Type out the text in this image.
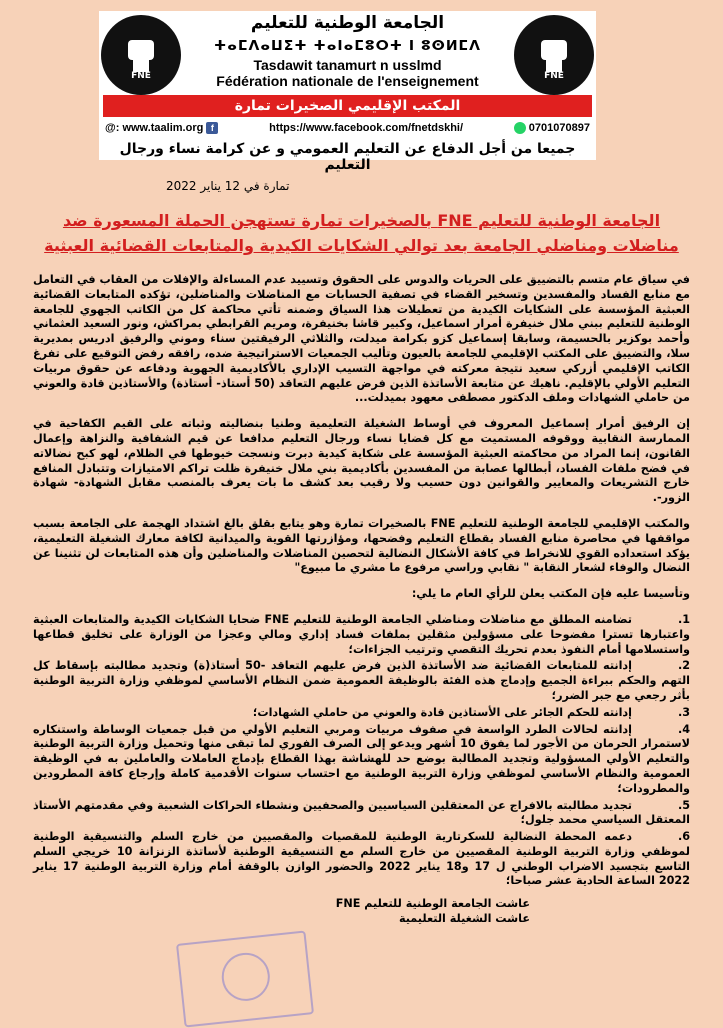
FNE	FNE
الجامعة الوطنية للتعليم
ⵜⴰⵎⴷⴰⵡⵉⵜ ⵜⴰⵏⴰⵎⵓⵔⵜ ⵏ ⵓⵙⵍⵎⴷ
Tasdawit tanamurt n usslmd
Fédération nationale de l'enseignement
المكتب الإقليمي الصخيرات تمارة
@: www.taalim.org f	https://www.facebook.com/fnetdskhi/	0701070897
جميعا من أجل الدفاع عن التعليم العمومي و عن كرامة نساء ورجال التعليم
تمارة في 12 يناير 2022
الجامعة الوطنية للتعليم FNE بالصخيرات تمارة تستهجن الحملة المسعورة ضد مناضلات ومناضلي الجامعة بعد توالي الشكايات الكيدية والمتابعات القضائية العبثية

في سياق عام متسم بالتضييق على الحريات والدوس على الحقوق وتسييد عدم المساءلة والإفلات من العقاب في التعامل مع منابع الفساد والمفسدين وتسخير القضاء في تصفية الحسابات مع المناضلات والمناضلين، تؤكده المتابعات القضائية العبثية المؤسسة على الشكايات الكيدية من تعطيلات هذا السياق وضمنه تأتي محاكمة كل من الكاتب الجهوي للجامعة الوطنية للتعليم ببني ملال خنيفرة أمرار اسماعيل، وكبير قاشا بخنيفرة، ومريم القرابطي بمراكش، ونور السعيد العثماني وأحمد بوكزير بالحسيمة، وسابقا إسماعيل كزو بكرامة ميدلت، والثلاثي الرفيقتين سناء وموني والرفيق ادريس بمديرية سلا، والتضييق على المكتب الإقليمي للجامعة بالعيون وتأليب الجمعيات الاستراتيجية ضده، رافقه رفض التوقيع على تفرغ الكاتب الإقليمي أزركي سعيد نتيجة معركته في مواجهة التسيب الإداري بالأكاديمية الجهوية ودفاعه عن حقوق مربيات التعليم الأولي بالإقليم. ناهيك عن متابعة الأساتذة الذين فرض عليهم التعاقد (50 أستاذ- أستاذة) والأستاذين قادة والعوني من حاملي الشهادات وملف الدكتور مصطفى معهود بميدلت...

إن الرفيق أمرار إسماعيل المعروف في أوساط الشغيلة التعليمية وطنيا بنضاليته وثباته على القيم الكفاحية في الممارسة النقابية ووقوفه المستميت مع كل قضايا نساء ورجال التعليم مدافعا عن قيم الشفافية والنزاهة وإعمال القانون، إنما المراد من محاكمته العبثية المؤسسة على شكاية كيدية دبرت ونسجت خيوطها في الظلام، لهو كبح نضالاته في فضح ملفات الفساد، أبطالها عصابة من المفسدين بأكاديمية بني ملال خنيفرة ظلت تراكم الامتيازات وتتبادل المنافع خارج التشريعات والمعايير والقوانين دون حسيب ولا رقيب بعد كشف ما بات يعرف بالمنصب مقابل الشهادة- شهادة الزور-.

والمكتب الإقليمي للجامعة الوطنية للتعليم FNE بالصخيرات تمارة وهو يتابع بقلق بالغ اشتداد الهجمة على الجامعة بسبب مواقفها في محاصرة منابع الفساد بقطاع التعليم وفضحها، ومؤازرتها القوية والميدانية لكافة معارك الشغيلة التعليمية، يؤكد استعداده القوي للانخراط في كافة الأشكال النضالية لتحصين المناضلات والمناضلين وأن هذه المتابعات لن تثنينا عن النضال والوفاء لشعار النقابة " نقابي وراسي مرفوع ما مشري ما مبيوع"

وتأسيسا عليه فإن المكتب يعلن للرأي العام ما يلي:

1.تضامنه المطلق مع مناضلات ومناضلي الجامعة الوطنية للتعليم FNE ضحايا الشكايات الكيدية والمتابعات العبثية واعتبارها تسترا مفضوحا على مسؤولين مثقلين بملفات فساد إداري ومالي وعجزا من الوزارة على تخليق قطاعها واستسلامها أمام النفوذ بعدم تحريك التقصي وترتيب الجزاءات؛
2.إدانته للمتابعات القضائية ضد الأساتذة الذين فرض عليهم التعاقد -50 أستاذ(ة) وتجديد مطالبته بإسقاط كل التهم والحكم ببراءة الجميع وإدماج هذه الفئة بالوظيفة العمومية ضمن النظام الأساسي لموظفي وزارة التربية الوطنية بأثر رجعي مع جبر الضرر؛
3.إدانته للحكم الجائر على الأستاذين قادة والعوني من حاملي الشهادات؛
4.إدانته لحالات الطرد الواسعة في صفوف مربيات ومربي التعليم الأولي من قبل جمعيات الوساطة واستنكاره لاستمرار الحرمان من الأجور لما يفوق 10 أشهر ويدعو إلى الصرف الفوري لما تبقى منها وتحميل وزارة التربية الوطنية والتعليم الأولي المسؤولية وتجديد المطالبة بوضع حد للهشاشة بهذا القطاع بإدماج العاملات والعاملين به في الوظيفة العمومية والنظام الأساسي لموظفي وزارة التربية الوطنية مع احتساب سنوات الأقدمية كاملة وإرجاع كافة المطرودين والمطرودات؛
5.تجديد مطالبته بالافراج عن المعتقلين السياسيين والصحفيين ونشطاء الحراكات الشعبية وفي مقدمتهم الأستاذ المعتقل السياسي محمد جلول؛
6.دعمه المحطة النضالية للسكرتارية الوطنية للمقصيات والمقصيين من خارج السلم والتنسيقية الوطنية لموظفي وزارة التربية الوطنية المقصيين من خارج السلم مع التنسيقية الوطنية لأساتذة الزنزانة 10 خريجي السلم التاسع بتجسيد الاضراب الوطني ل 17 و18 يناير 2022 والحضور الوازن بالوقفة أمام وزارة التربية الوطنية 17 يناير 2022 الساعة الحادية عشر صباحا؛
عاشت الجامعة الوطنية للتعليم FNE
عاشت الشغيلة التعليمية
